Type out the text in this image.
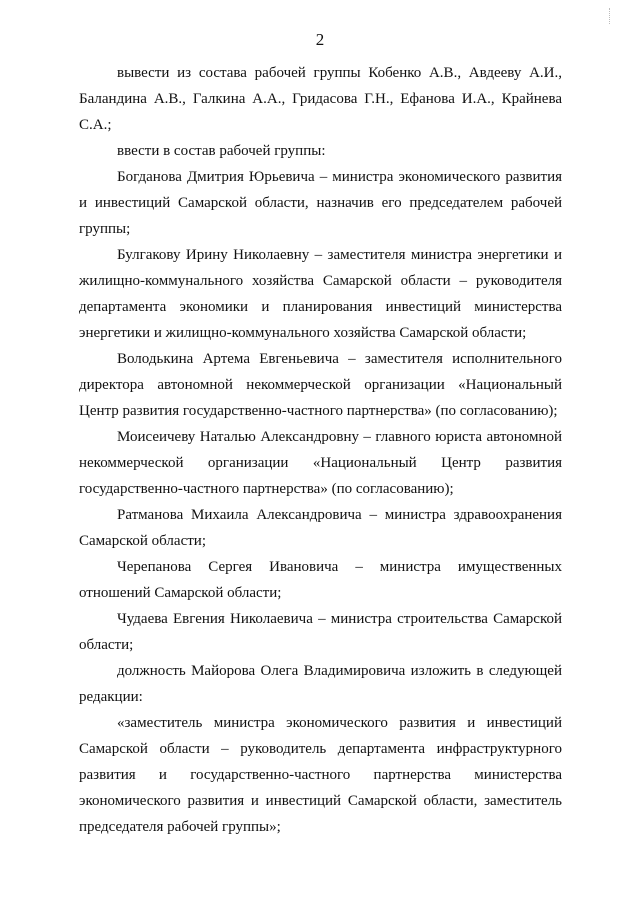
2

вывести из состава рабочей группы Кобенко А.В., Авдееву А.И., Баландина А.В., Галкина А.А., Гридасова Г.Н., Ефанова И.А., Крайнева С.А.;

ввести в состав рабочей группы:

Богданова Дмитрия Юрьевича – министра экономического развития и инвестиций Самарской области, назначив его председателем рабочей группы;

Булгакову Ирину Николаевну – заместителя министра энергетики и жилищно-коммунального хозяйства Самарской области – руководителя департамента экономики и планирования инвестиций министерства энергетики и жилищно-коммунального хозяйства Самарской области;

Володькина Артема Евгеньевича – заместителя исполнительного директора автономной некоммерческой организации «Национальный Центр развития государственно-частного партнерства» (по согласованию);

Моисеичеву Наталью Александровну – главного юриста автономной некоммерческой организации «Национальный Центр развития государственно-частного партнерства» (по согласованию);

Ратманова Михаила Александровича – министра здравоохранения Самарской области;

Черепанова Сергея Ивановича – министра имущественных отношений Самарской области;

Чудаева Евгения Николаевича – министра строительства Самарской области;

должность Майорова Олега Владимировича изложить в следующей редакции:

«заместитель министра экономического развития и инвестиций Самарской области – руководитель департамента инфраструктурного развития и государственно-частного партнерства министерства экономического развития и инвестиций Самарской области, заместитель председателя рабочей группы»;
